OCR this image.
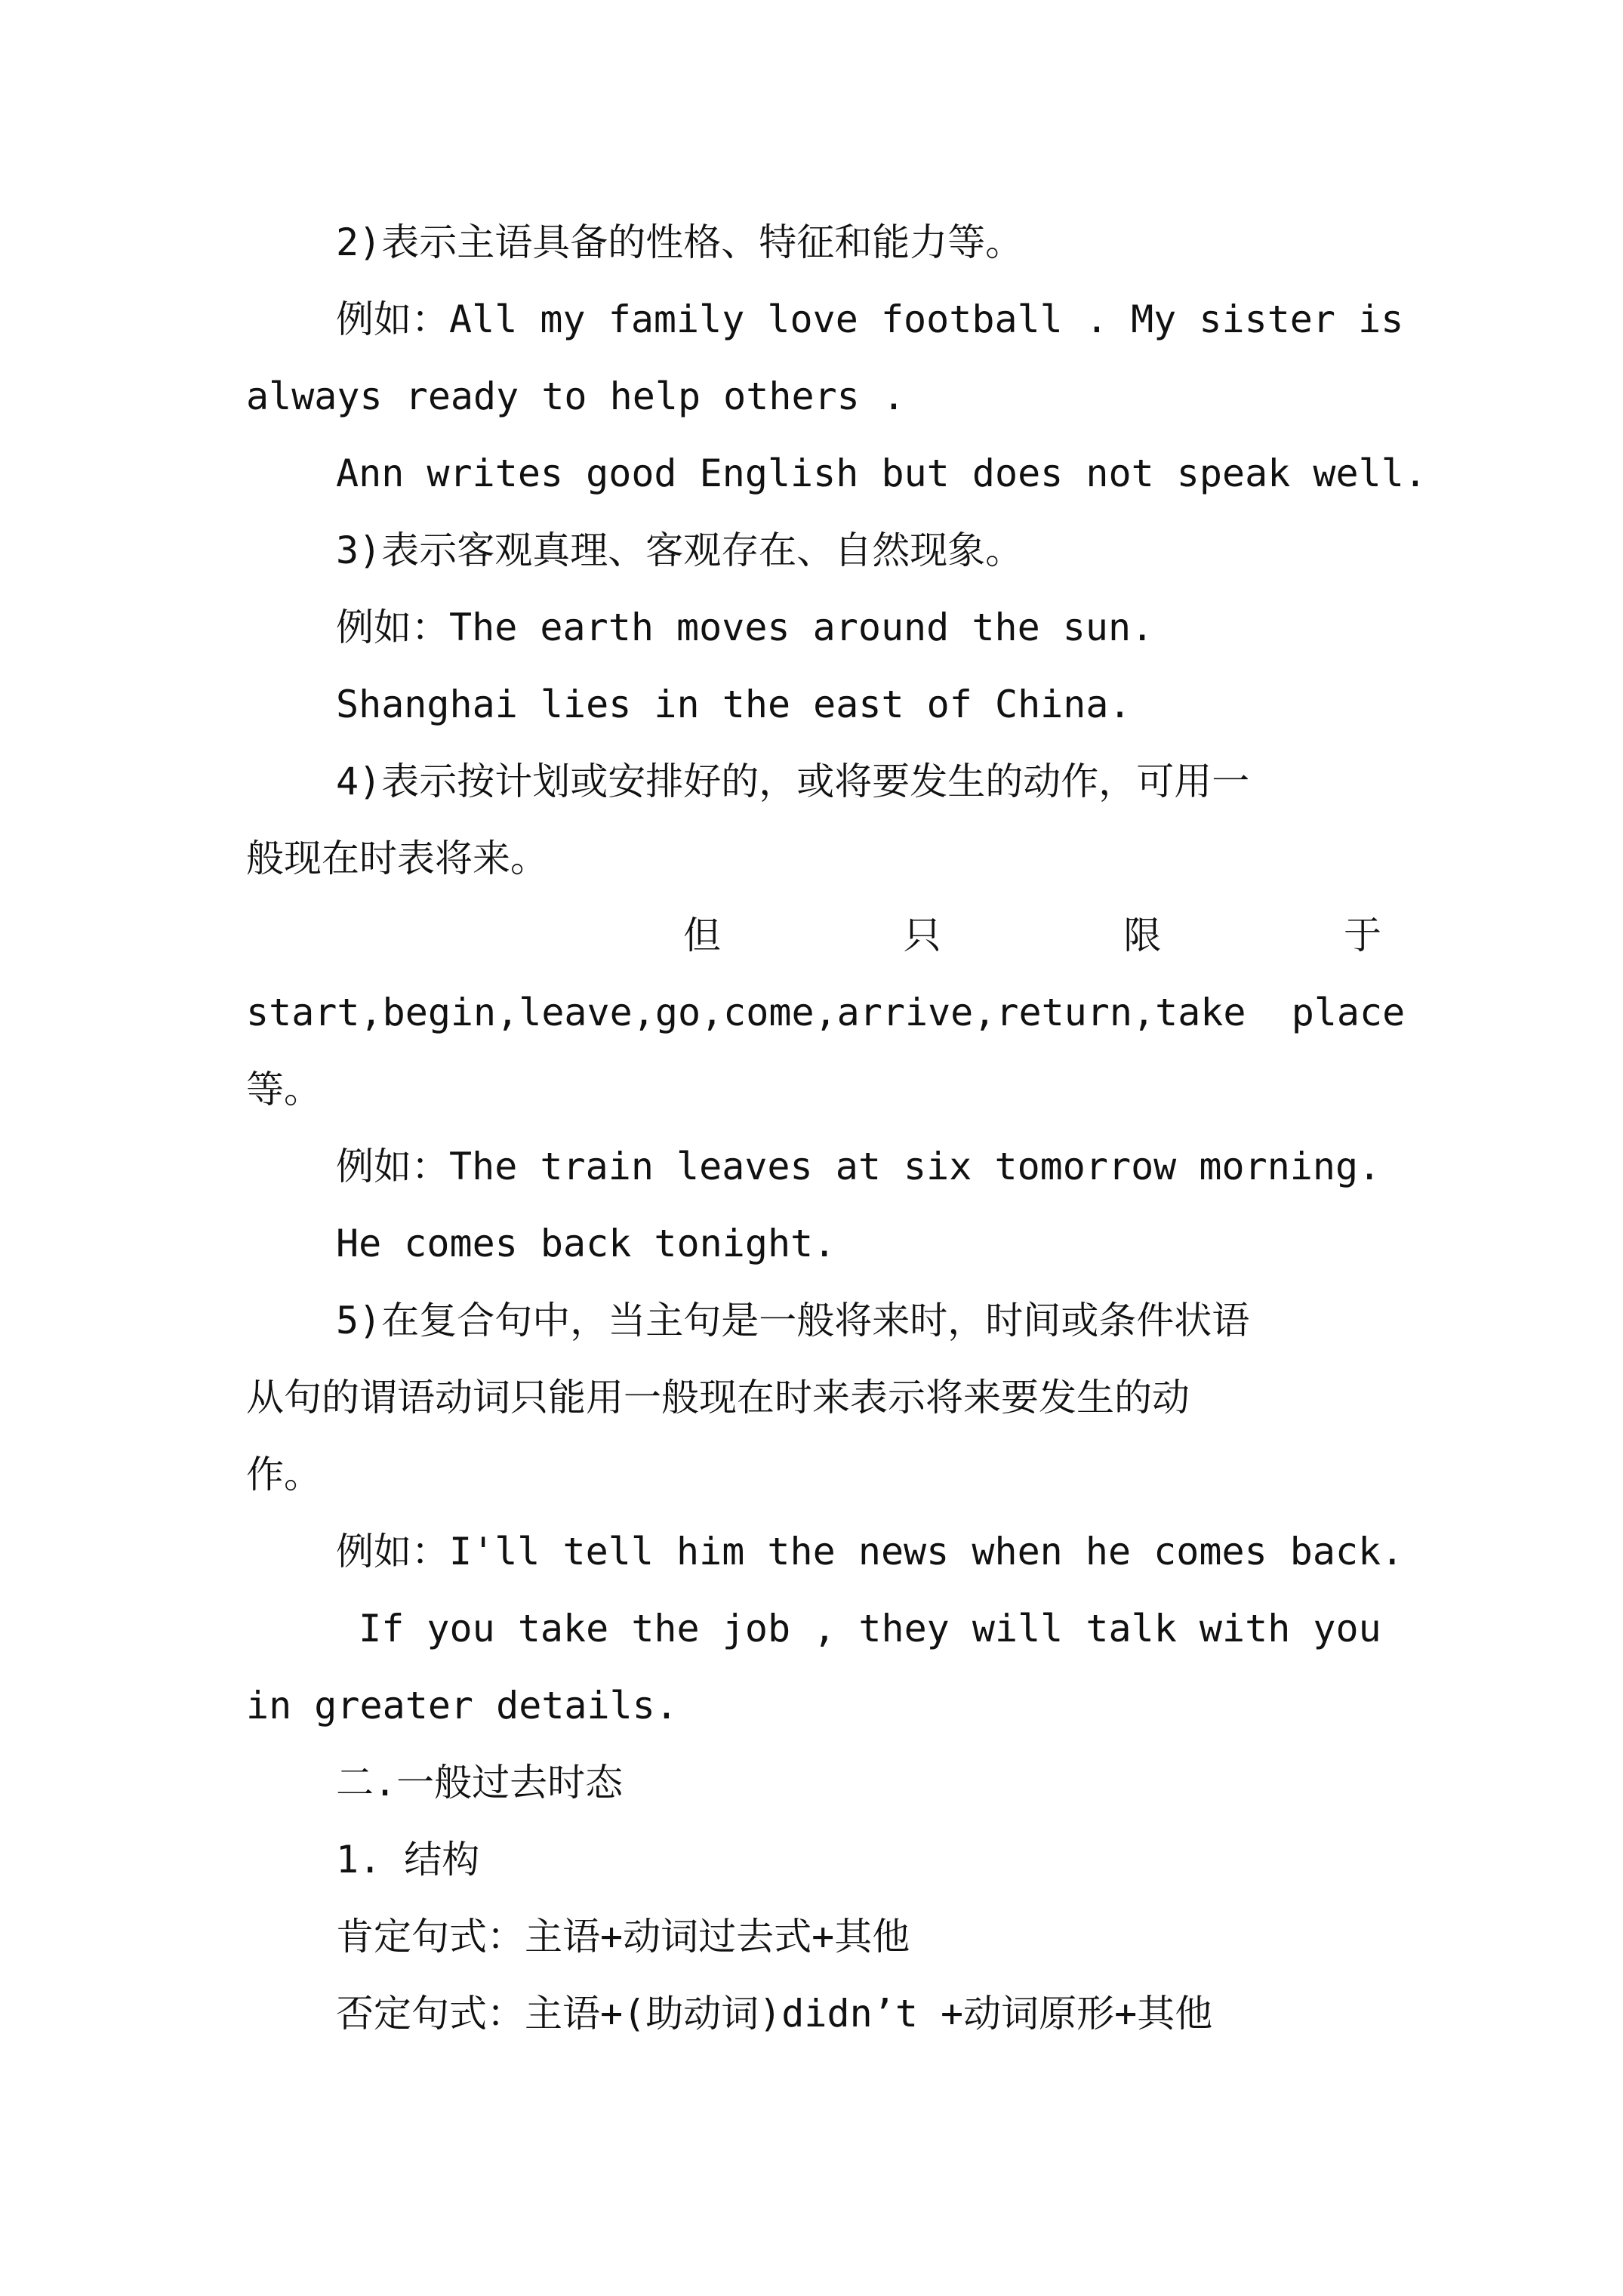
2)表示主语具备的性格、特征和能力等。
例如：All my family love football . My sister is
always ready to help others .
Ann writes good English but does not speak well.
3)表示客观真理、客观存在、自然现象。
例如：The earth moves around the sun.
Shanghai lies in the east of China.
4)表示按计划或安排好的，或将要发生的动作，可用一
般现在时表将来。
但	只	限	于
start,begin,leave,go,come,arrive,return,take  place
等。
例如：The train leaves at six tomorrow morning.
He comes back tonight.
5)在复合句中，当主句是一般将来时，时间或条件状语
从句的谓语动词只能用一般现在时来表示将来要发生的动
作。
例如：I'll tell him the news when he comes back.
If you take the job , they will talk with you
in greater details.
二.一般过去时态
1. 结构
肯定句式：主语+动词过去式+其他
否定句式：主语+(助动词)didn’t +动词原形+其他
